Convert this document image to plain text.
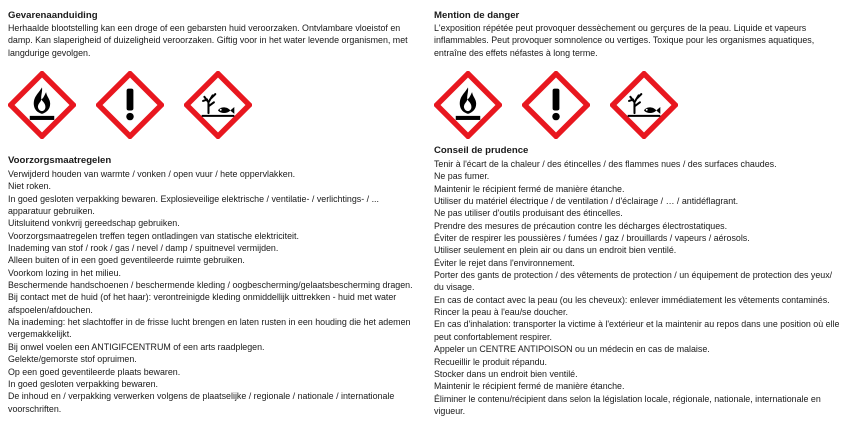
Gevarenaanduiding

Herhaalde blootstelling kan een droge of een gebarsten huid veroorzaken. Ontvlambare vloeistof en damp. Kan slaperigheid of duizeligheid veroorzaken. Giftig voor in het water levende organismen, met langdurige gevolgen.

Voorzorgsmaatregelen

Verwijderd houden van warmte / vonken / open vuur / hete oppervlakken.
Niet roken.
In goed gesloten verpakking bewaren. Explosieveilige elektrische / ventilatie- / verlichtings- / ... apparatuur gebruiken.
Uitsluitend vonkvrij gereedschap gebruiken.
Voorzorgsmaatregelen treffen tegen ontladingen van statische elektriciteit.
Inademing van stof / rook / gas / nevel / damp / spuitnevel vermijden.
Alleen buiten of in een goed geventileerde ruimte gebruiken.
Voorkom lozing in het milieu.
Beschermende handschoenen / beschermende kleding / oogbescherming/gelaatsbescherming dragen.
Bij contact met de huid (of het haar): verontreinigde kleding onmiddellijk uittrekken - huid met water afspoelen/afdouchen.
Na inademing: het slachtoffer in de frisse lucht brengen en laten rusten in een houding die het ademen vergemakkelijkt.
Bij onwel voelen een ANTIGIFCENTRUM of een arts raadplegen.
Gelekte/gemorste stof opruimen.
Op een goed geventileerde plaats bewaren.
In goed gesloten verpakking bewaren.
De inhoud en / verpakking verwerken volgens de plaatselijke / regionale / nationale / internationale voorschriften.

Mention de danger

L'exposition répétée peut provoquer dessèchement ou gerçures de la peau. Liquide et vapeurs inflammables. Peut provoquer somnolence ou vertiges. Toxique pour les organismes aquatiques, entraîne des effets néfastes à long terme.

Conseil de prudence

Tenir à l'écart de la chaleur / des étincelles / des flammes nues / des surfaces chaudes.
Ne pas fumer.
Maintenir le récipient fermé de manière étanche.
Utiliser du matériel électrique / de ventilation / d'éclairage / … / antidéflagrant.
Ne pas utiliser d'outils produisant des étincelles.
Prendre des mesures de précaution contre les décharges électrostatiques.
Éviter de respirer les poussières / fumées / gaz / brouillards / vapeurs / aérosols.
Utiliser seulement en plein air ou dans un endroit bien ventilé.
Éviter le rejet dans l'environnement.
Porter des gants de protection / des vêtements de protection / un équipement de protection des yeux/ du visage.
En cas de contact avec la peau (ou les cheveux): enlever immédiatement les vêtements contaminés.
Rincer la peau à l'eau/se doucher.
En cas d'inhalation: transporter la victime à l'extérieur et la maintenir au repos dans une position où elle peut confortablement respirer.
Appeler un CENTRE ANTIPOISON ou un médecin en cas de malaise.
Recueillir le produit répandu.
Stocker dans un endroit bien ventilé.
Maintenir le récipient fermé de manière étanche.
Éliminer le contenu/récipient dans selon la législation locale, régionale, nationale, internationale en vigueur.
